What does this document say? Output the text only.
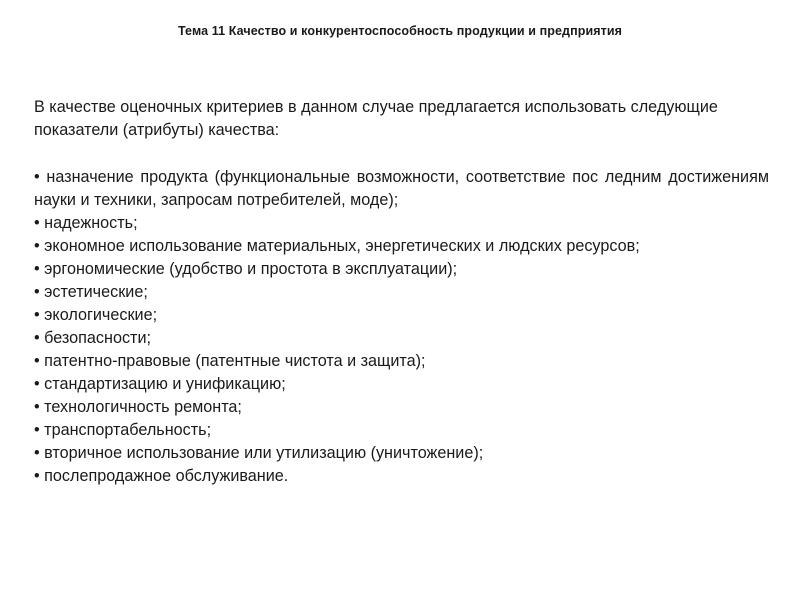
Тема 11 Качество и конкурентоспособность продукции и предприятия

В качестве оценочных критериев в данном случае предлагается использовать следующие показатели (атрибуты) качества:

• назначение продукта (функциональные возможности, соответствие пос ледним достижениям науки и техники, запросам потребителей, моде);
• надежность;
• экономное использование материальных, энергетических и людских ресурсов;
• эргономические (удобство и простота в эксплуатации);
• эстетические;
• экологические;
• безопасности;
• патентно-правовые (патентные чистота и защита);
• стандартизацию и унификацию;
• технологичность ремонта;
• транспортабельность;
• вторичное использование или утилизацию (уничтожение);
• послепродажное обслуживание.
